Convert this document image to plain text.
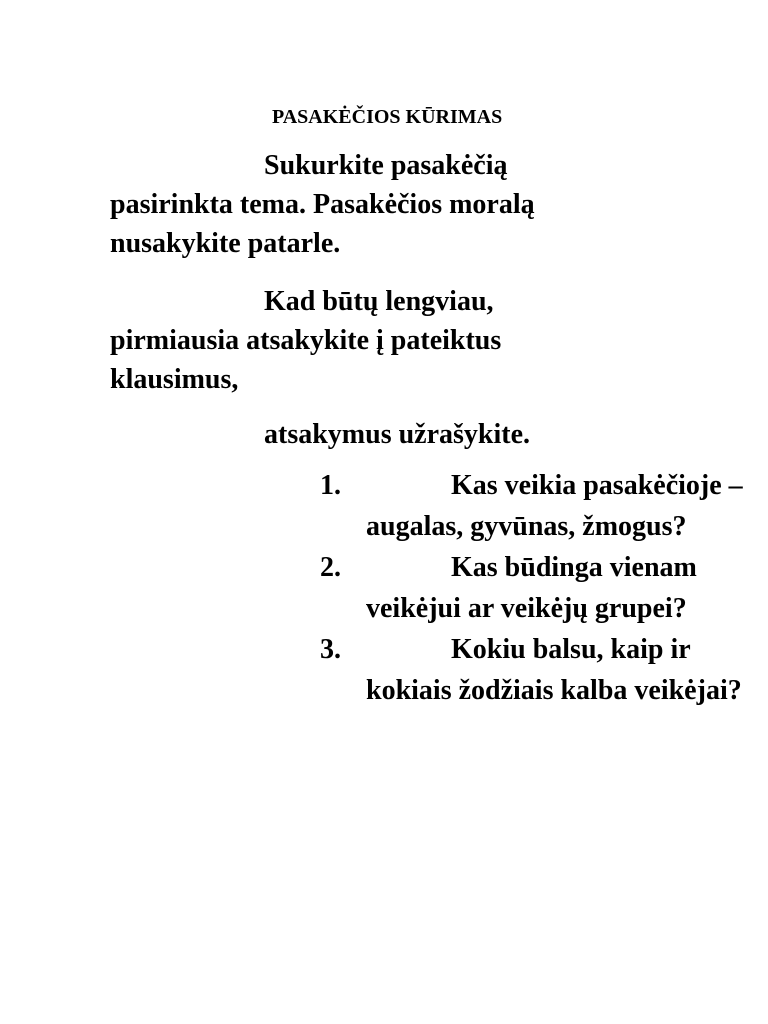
PASAKĖČIOS KŪRIMAS
Sukurkite pasakėčią
pasirinkta tema. Pasakėčios moralą
nusakykite patarle.
Kad būtų lengviau,
pirmiausia atsakykite į pateiktus
klausimus,
atsakymus užrašykite.
1.	Kas veikia pasakėčioje – augalas, gyvūnas, žmogus?
2.	Kas būdinga vienam veikėjui ar veikėjų grupei?
3.	Kokiu balsu, kaip ir kokiais žodžiais kalba veikėjai?
